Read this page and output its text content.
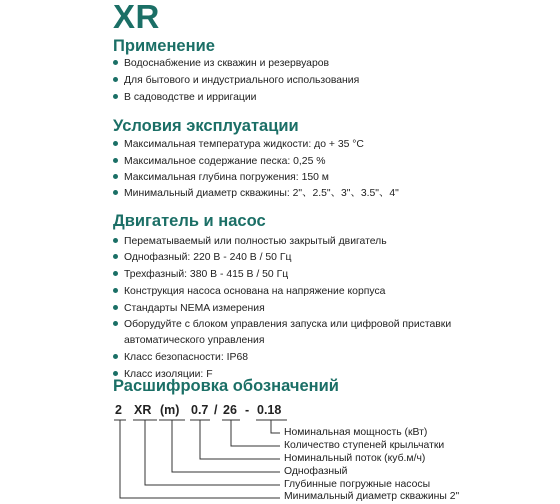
XR
Применение
Водоснабжение из скважин и резервуаров
Для бытового и индустриального использования
В садоводстве и ирригации
Условия эксплуатации
Максимальная температура жидкости: до + 35 °C
Максимальное содержание песка: 0,25 %
Максимальная глубина погружения: 150 м
Минимальный диаметр скважины: 2"、2.5"、3"、3.5"、4"
Двигатель и насос
Перематываемый или полностью закрытый двигатель
Однофазный: 220 В - 240 В / 50 Гц
Трехфазный: 380 В - 415 В / 50 Гц
Конструкция насоса основана на напряжение корпуса
Стандарты NEMA измерения
Оборудуйте с блоком управления запуска или цифровой приставки
автоматического управления
Класс безопасности: IP68
Класс изоляции: F
Расшифровка обозначений
2 XR (m) 0.7 / 26 - 0.18
Номинальная мощность (кВт)
Количество ступеней крыльчатки
Номинальный поток (куб.м/ч)
Однофазный
Глубинные погружные насосы
Минимальный диаметр скважины 2"
